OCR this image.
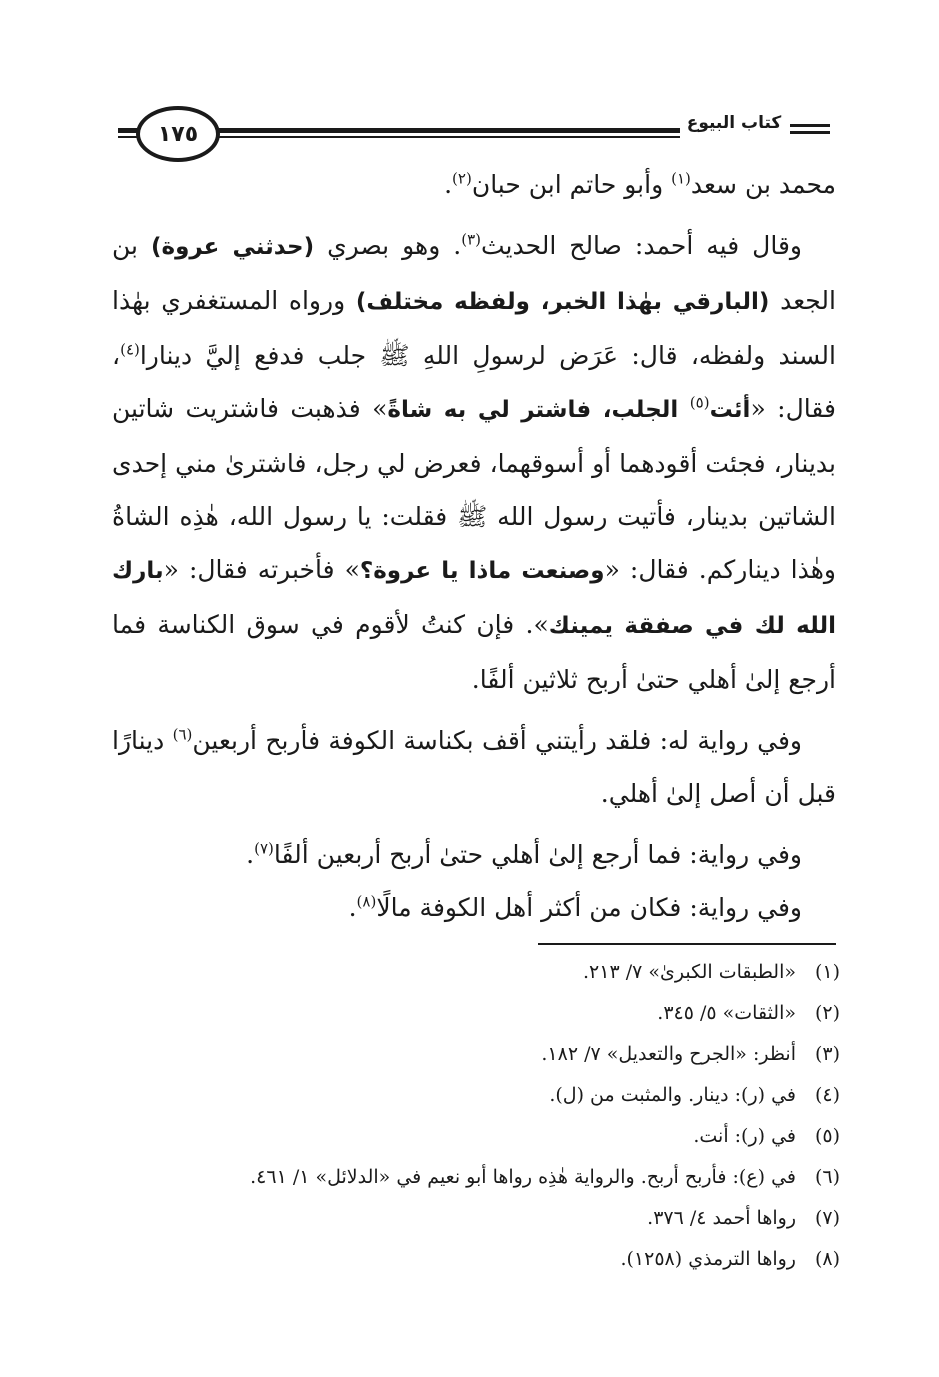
كتاب البيوع
١٧٥

محمد بن سعد$^{(١)}$ وأبو حاتم ابن حبان$^{(٢)}$.

وقال فيه أحمد: صالح الحديث$^{(٣)}$. وهو بصري (حدثني عروة) بن الجعد (البارقي بهٰذا الخبر، ولفظه مختلف) ورواه المستغفري بهٰذا السند ولفظه، قال: عَرَض لرسولِ اللهِ ﷺ جلب فدفع إليَّ دينارا$^{(٤)}$، فقال: «أئت$^{(٥)}$ الجلب، فاشتر لي به شاةً» فذهبت فاشتريت شاتين بدينار، فجئت أقودهما أو أسوقهما، فعرض لي رجل، فاشترىٰ مني إحدى الشاتين بدينار، فأتيت رسول الله ﷺ فقلت: يا رسول الله، هٰذِه الشاةُ وهٰذا ديناركم. فقال: «وصنعت ماذا يا عروة؟» فأخبرته فقال: «بارك الله لك في صفقة يمينك». فإن كنتُ لأقوم في سوق الكناسة فما أرجع إلىٰ أهلي حتىٰ أربح ثلاثين ألفًا.

وفي رواية له: فلقد رأيتني أقف بكناسة الكوفة فأربح أربعين$^{(٦)}$ دينارًا قبل أن أصل إلىٰ أهلي.

وفي رواية: فما أرجع إلىٰ أهلي حتىٰ أربح أربعين ألفًا$^{(٧)}$.

وفي رواية: فكان من أكثر أهل الكوفة مالًا$^{(٨)}$.

(١)
«الطبقات الكبرىٰ» ٧/ ٢١٣.
(٢)
«الثقات» ٥/ ٣٤٥.
(٣)
أنظر: «الجرح والتعديل» ٧/ ١٨٢.
(٤)
في (ر): دينار. والمثبت من (ل).
(٥)
في (ر): أنت.
(٦)
في (ع): فأربح أربح. والرواية هٰذِه رواها أبو نعيم في «الدلائل» ١/ ٤٦١.
(٧)
رواها أحمد ٤/ ٣٧٦.
(٨)
رواها الترمذي (١٢٥٨).
